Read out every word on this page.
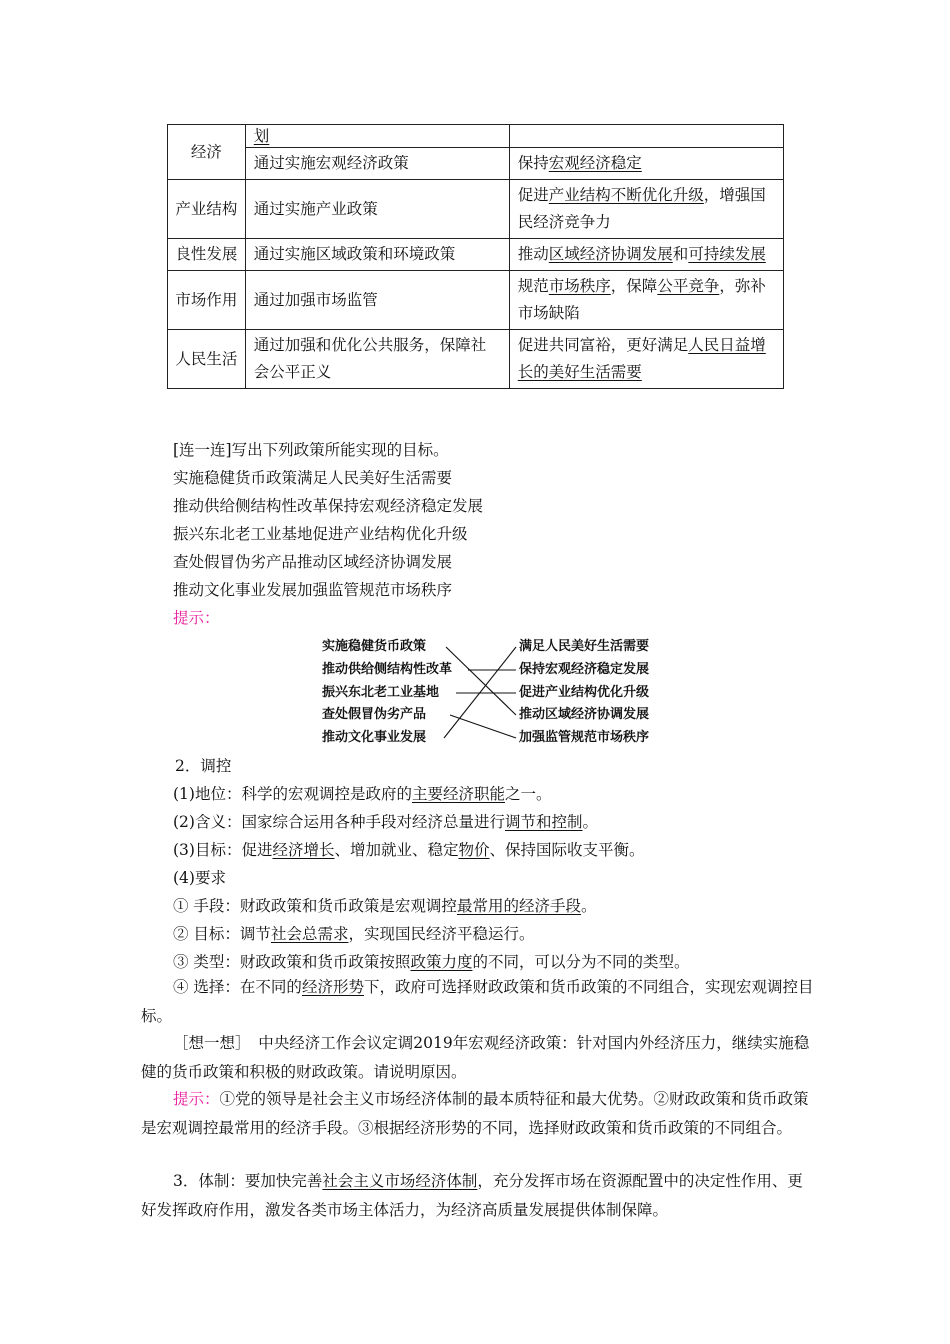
经济	划	
	通过实施宏观经济政策	保持宏观经济稳定
产业结构	通过实施产业政策	促进产业结构不断优化升级，增强国民经济竞争力
良性发展	通过实施区域政策和环境政策	推动区域经济协调发展和可持续发展
市场作用	通过加强市场监管	规范市场秩序，保障公平竞争，弥补市场缺陷
人民生活	通过加强和优化公共服务，保障社会公平正义	促进共同富裕，更好满足人民日益增长的美好生活需要
[连一连]写出下列政策所能实现的目标。
实施稳健货币政策满足人民美好生活需要
推动供给侧结构性改革保持宏观经济稳定发展
振兴东北老工业基地促进产业结构优化升级
查处假冒伪劣产品推动区域经济协调发展
推动文化事业发展加强监管规范市场秩序
提示：
实施稳健货币政策
推动供给侧结构性改革
振兴东北老工业基地
查处假冒伪劣产品
推动文化事业发展
满足人民美好生活需要
保持宏观经济稳定发展
促进产业结构优化升级
推动区域经济协调发展
加强监管规范市场秩序
2．调控
(1)地位：科学的宏观调控是政府的主要经济职能之一。
(2)含义：国家综合运用各种手段对经济总量进行调节和控制。
(3)目标：促进经济增长、增加就业、稳定物价、保持国际收支平衡。
(4)要求
① 手段：财政政策和货币政策是宏观调控最常用的经济手段。
② 目标：调节社会总需求，实现国民经济平稳运行。
③ 类型：财政政策和货币政策按照政策力度的不同，可以分为不同的类型。
④ 选择：在不同的经济形势下，政府可选择财政政策和货币政策的不同组合，实现宏观调控目标。
［想一想］　中央经济工作会议定调2019年宏观经济政策：针对国内外经济压力，继续实施稳健的货币政策和积极的财政政策。请说明原因。
提示：①党的领导是社会主义市场经济体制的最本质特征和最大优势。②财政政策和货币政策是宏观调控最常用的经济手段。③根据经济形势的不同，选择财政政策和货币政策的不同组合。
3．体制：要加快完善社会主义市场经济体制，充分发挥市场在资源配置中的决定性作用、更好发挥政府作用，激发各类市场主体活力，为经济高质量发展提供体制保障。
